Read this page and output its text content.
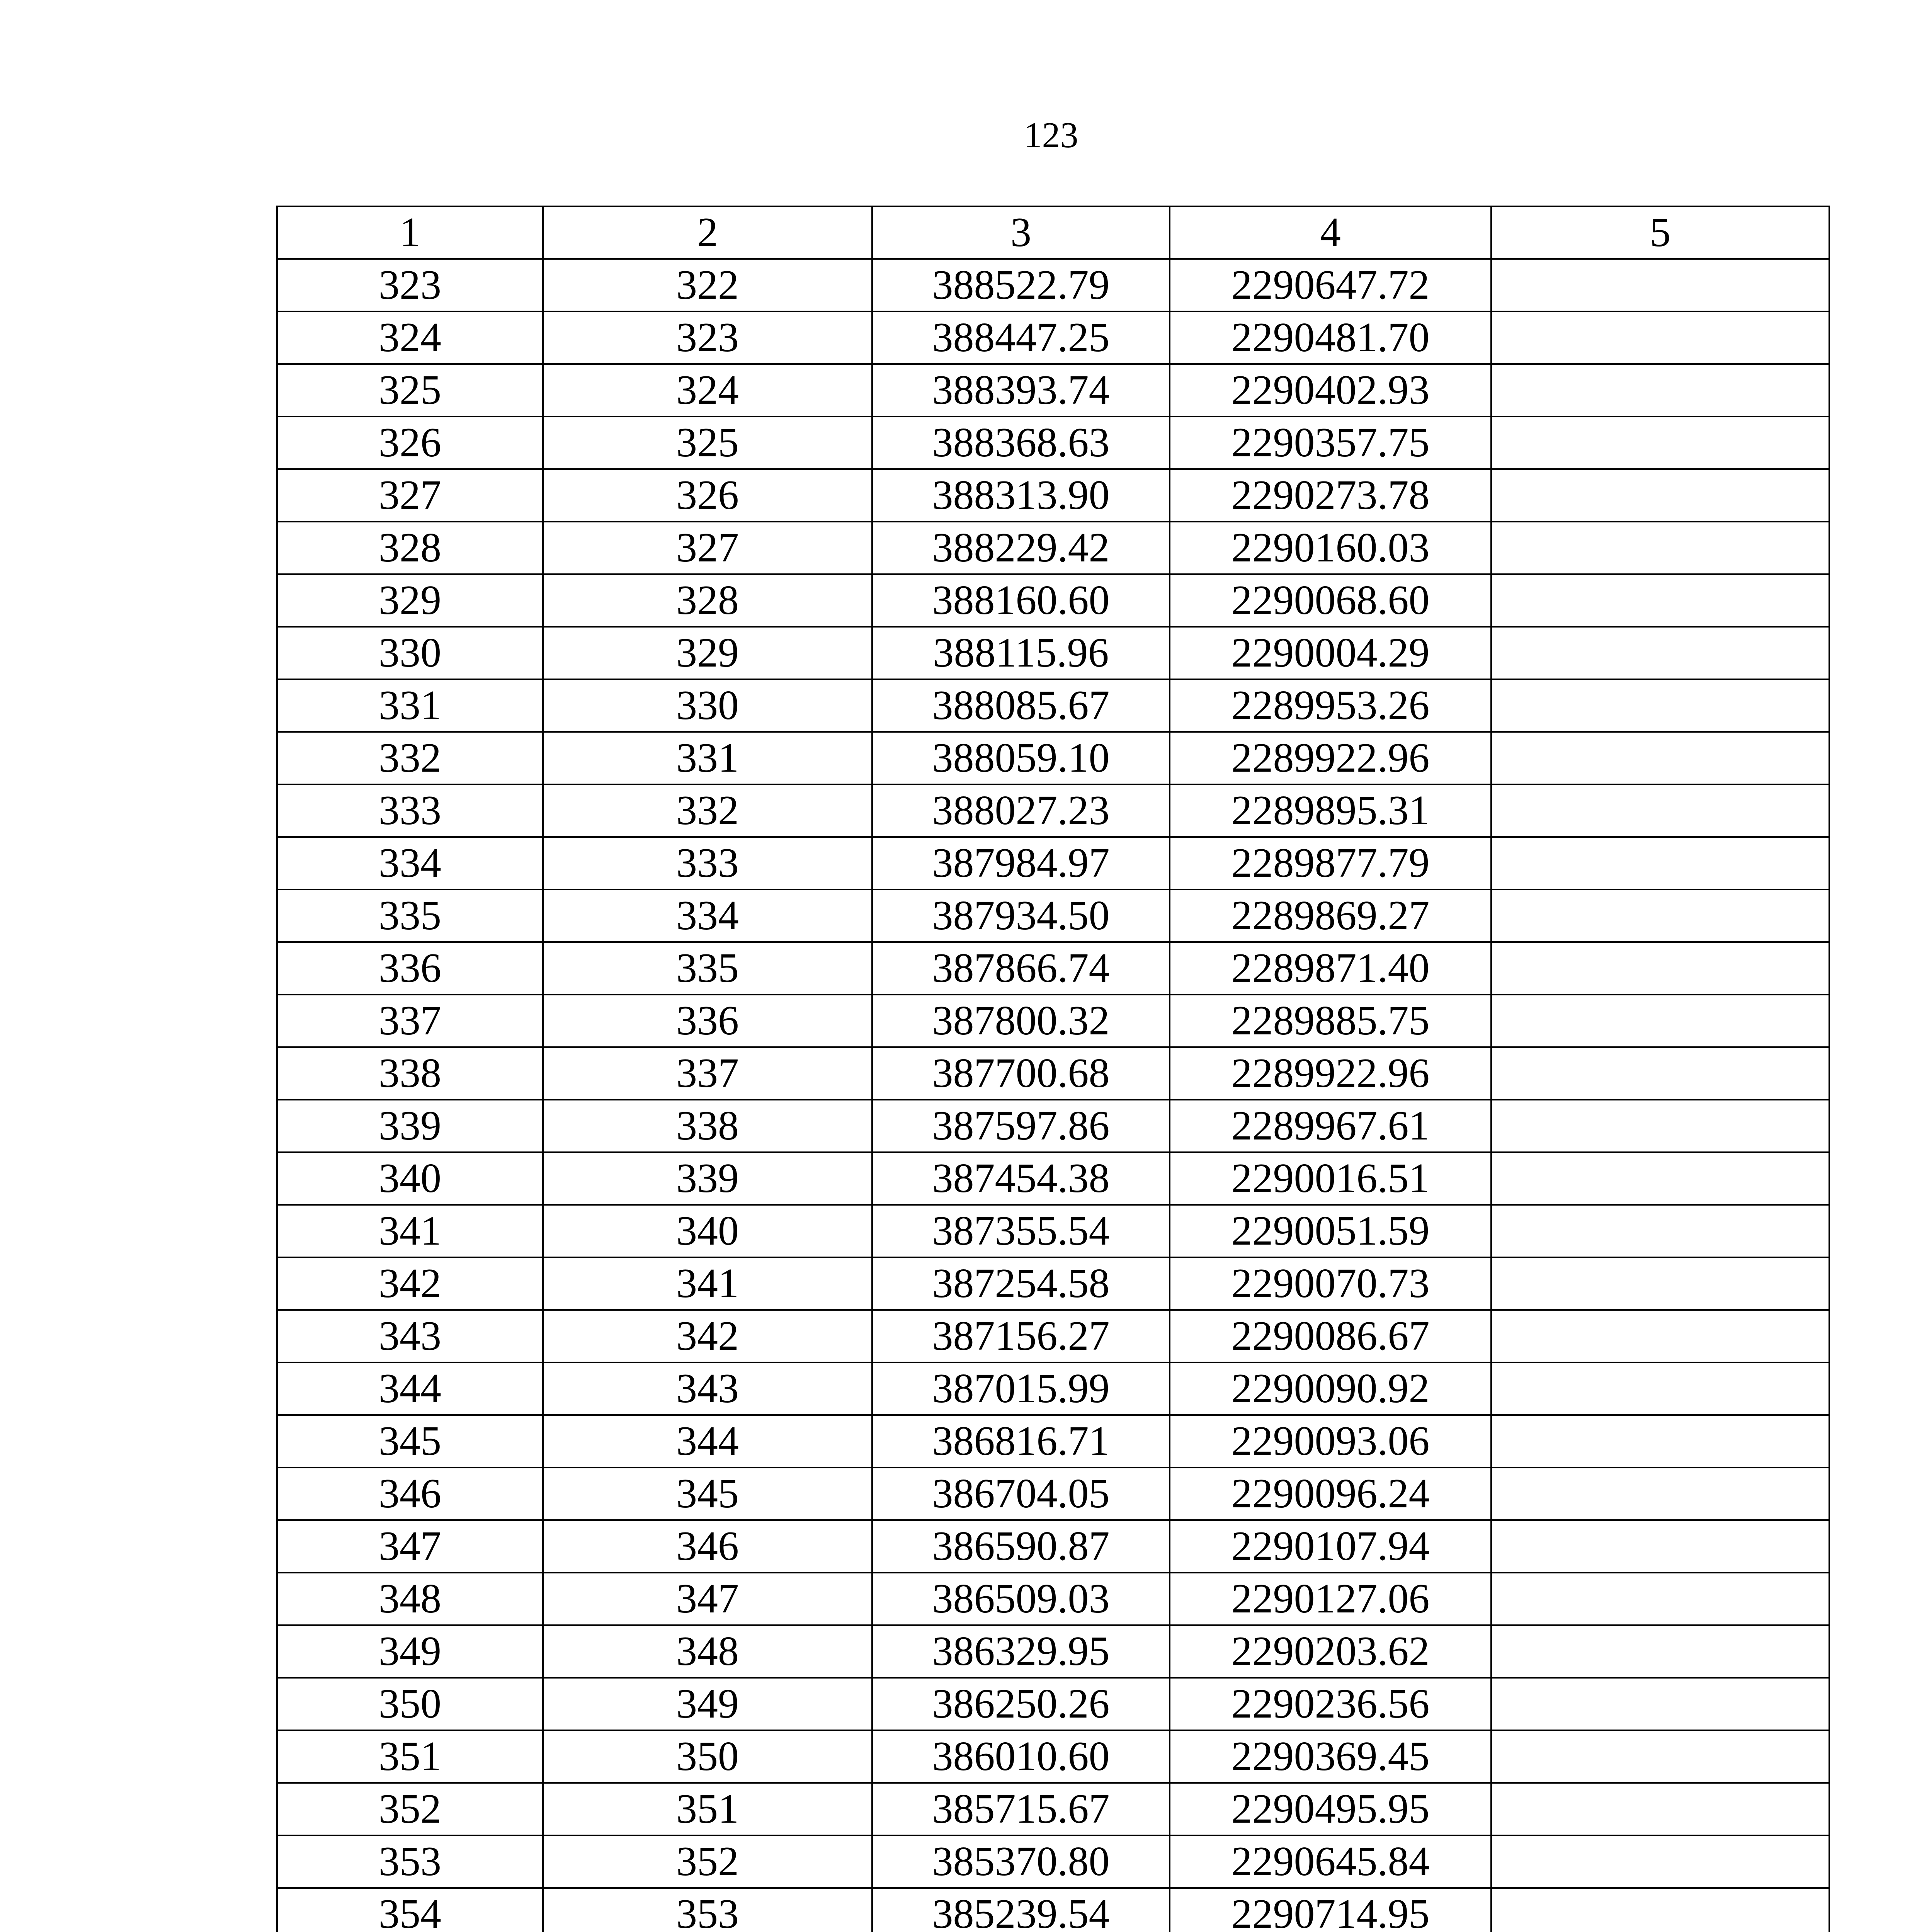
123
1	2	3	4	5
323	322	388522.79	2290647.72	
324	323	388447.25	2290481.70	
325	324	388393.74	2290402.93	
326	325	388368.63	2290357.75	
327	326	388313.90	2290273.78	
328	327	388229.42	2290160.03	
329	328	388160.60	2290068.60	
330	329	388115.96	2290004.29	
331	330	388085.67	2289953.26	
332	331	388059.10	2289922.96	
333	332	388027.23	2289895.31	
334	333	387984.97	2289877.79	
335	334	387934.50	2289869.27	
336	335	387866.74	2289871.40	
337	336	387800.32	2289885.75	
338	337	387700.68	2289922.96	
339	338	387597.86	2289967.61	
340	339	387454.38	2290016.51	
341	340	387355.54	2290051.59	
342	341	387254.58	2290070.73	
343	342	387156.27	2290086.67	
344	343	387015.99	2290090.92	
345	344	386816.71	2290093.06	
346	345	386704.05	2290096.24	
347	346	386590.87	2290107.94	
348	347	386509.03	2290127.06	
349	348	386329.95	2290203.62	
350	349	386250.26	2290236.56	
351	350	386010.60	2290369.45	
352	351	385715.67	2290495.95	
353	352	385370.80	2290645.84	
354	353	385239.54	2290714.95	
